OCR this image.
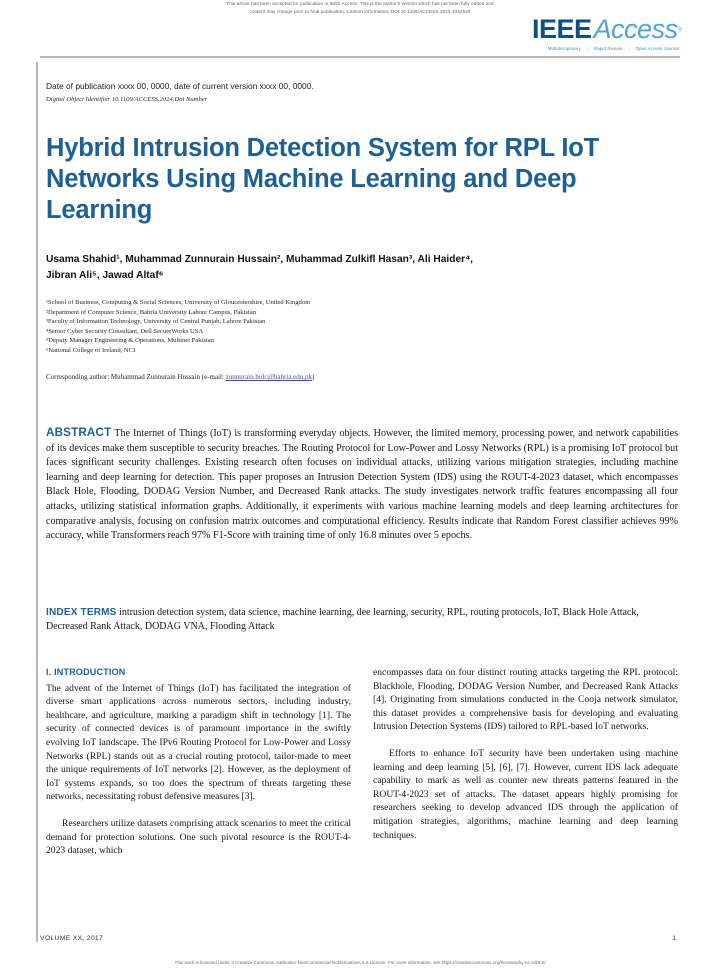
This article has been accepted for publication in IEEE Access. This is the author's version which has not been fully edited and
content may change prior to final publication. Citation information: DOI 10.1109/ACCESS.2024.3442529
IEEEAccess®
Multidisciplinary | Rapid Review | Open Access Journal
Date of publication xxxx 00, 0000, date of current version xxxx 00, 0000.
Digital Object Identifier 10.1109/ACCESS.2024.Doi Number
Hybrid Intrusion Detection System for RPL IoT Networks Using Machine Learning and Deep Learning
Usama Shahid¹, Muhammad Zunnurain Hussain², Muhammad Zulkifl Hasan³, Ali Haider⁴,
Jibran Ali⁵, Jawad Altaf⁶
¹School of Business, Computing & Social Sciences, University of Gloucestershire, United Kingdom
²Department of Computer Science, Bahria University Lahore Campus, Pakistan
³Faculty of Information Technology, University of Central Punjab, Lahore Pakistan
⁴Senior Cyber Security Consultant, Dell SecureWorks USA
⁵Deputy Manager Engineering & Operations, Multinet Pakistan
⁶National College of Ireland, NCI
Corresponding author: Muhammad Zunnurain Hussain (e-mail: zunnurain.bulc@bahria.edu.pk)
ABSTRACT The Internet of Things (IoT) is transforming everyday objects. However, the limited memory, processing power, and network capabilities of its devices make them susceptible to security breaches. The Routing Protocol for Low-Power and Lossy Networks (RPL) is a promising IoT protocol but faces significant security challenges. Existing research often focuses on individual attacks, utilizing various mitigation strategies, including machine learning and deep learning for detection. This paper proposes an Intrusion Detection System (IDS) using the ROUT-4-2023 dataset, which encompasses Black Hole, Flooding, DODAG Version Number, and Decreased Rank attacks. The study investigates network traffic features encompassing all four attacks, utilizing statistical information graphs. Additionally, it experiments with various machine learning models and deep learning architectures for comparative analysis, focusing on confusion matrix outcomes and computational efficiency. Results indicate that Random Forest classifier achieves 99% accuracy, while Transformers reach 97% F1-Score with training time of only 16.8 minutes over 5 epochs.
INDEX TERMS intrusion detection system, data science, machine learning, dee learning, security, RPL, routing protocols, IoT, Black Hole Attack, Decreased Rank Attack, DODAG VNA, Flooding Attack
I. INTRODUCTION

The advent of the Internet of Things (IoT) has facilitated the integration of diverse smart applications across numerous sectors, including industry, healthcare, and agriculture, marking a paradigm shift in technology [1]. The security of connected devices is of paramount importance in the swiftly evolving IoT landscape. The IPv6 Routing Protocol for Low-Power and Lossy Networks (RPL) stands out as a crucial routing protocol, tailor-made to meet the unique requirements of IoT networks [2]. However, as the deployment of IoT systems expands, so too does the spectrum of threats targeting these networks, necessitating robust defensive measures [3].

Researchers utilize datasets comprising attack scenarios to meet the critical demand for protection solutions. One such pivotal resource is the ROUT-4-2023 dataset, which

encompasses data on four distinct routing attacks targeting the RPL protocol: Blackhole, Flooding, DODAG Version Number, and Decreased Rank Attacks [4]. Originating from simulations conducted in the Cooja network simulator, this dataset provides a comprehensive basis for developing and evaluating Intrusion Detection Systems (IDS) tailored to RPL-based IoT networks.

Efforts to enhance IoT security have been undertaken using machine learning and deep learning [5], [6], [7]. However, current IDS lack adequate capability to mark as well as counter new threats patterns featured in the ROUT-4-2023 set of attacks. The dataset appears highly promising for researchers seeking to develop advanced IDS through the application of mitigation strategies, algorithms, machine learning and deep learning techniques.

VOLUME XX, 2017	1
This work is licensed under a Creative Commons Attribution-NonCommercial-NoDerivatives 4.0 License. For more information, see https://creativecommons.org/licenses/by-nc-nd/4.0/
